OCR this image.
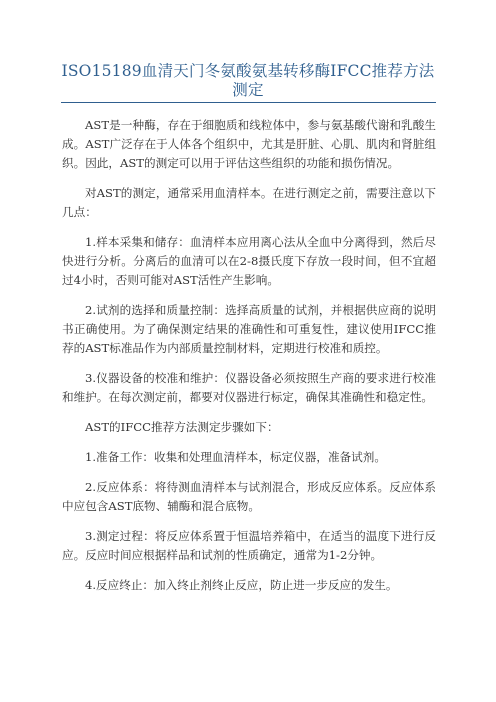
ISO15189血清天门冬氨酸氨基转移酶IFCC推荐方法测定

AST是一种酶，存在于细胞质和线粒体中，参与氨基酸代谢和乳酸生成。AST广泛存在于人体各个组织中，尤其是肝脏、心肌、肌肉和肾脏组织。因此，AST的测定可以用于评估这些组织的功能和损伤情况。

对AST的测定，通常采用血清样本。在进行测定之前，需要注意以下几点：

1.样本采集和储存：血清样本应用离心法从全血中分离得到，然后尽快进行分析。分离后的血清可以在2-8摄氏度下存放一段时间，但不宜超过4小时，否则可能对AST活性产生影响。

2.试剂的选择和质量控制：选择高质量的试剂，并根据供应商的说明书正确使用。为了确保测定结果的准确性和可重复性，建议使用IFCC推荐的AST标准品作为内部质量控制材料，定期进行校准和质控。

3.仪器设备的校准和维护：仪器设备必须按照生产商的要求进行校准和维护。在每次测定前，都要对仪器进行标定，确保其准确性和稳定性。

AST的IFCC推荐方法测定步骤如下：

1.准备工作：收集和处理血清样本，标定仪器，准备试剂。

2.反应体系：将待测血清样本与试剂混合，形成反应体系。反应体系中应包含AST底物、辅酶和混合底物。

3.测定过程：将反应体系置于恒温培养箱中，在适当的温度下进行反应。反应时间应根据样品和试剂的性质确定，通常为1-2分钟。

4.反应终止：加入终止剂终止反应，防止进一步反应的发生。
